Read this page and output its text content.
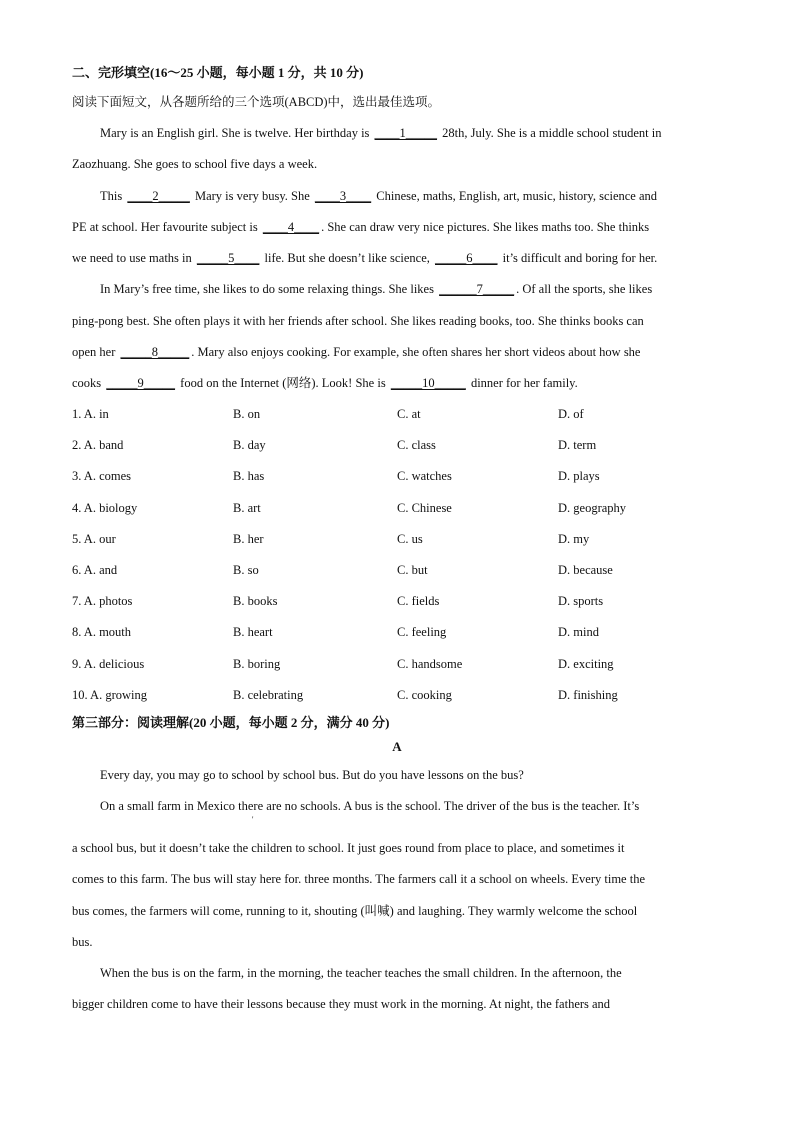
二、完形填空(16～25 小题，每小题 1 分，共 10 分)
阅读下面短文，从各题所给的三个选项(ABCD)中，选出最佳选项。
Mary is an English girl. She is twelve. Her birthday is ____1_____ 28th, July. She is a middle school student in
Zaozhuang. She goes to school five days a week.
This ____2_____ Mary is very busy. She ____3____ Chinese, maths, English, art, music, history, science and
PE at school. Her favourite subject is ____4____ . She can draw very nice pictures. She likes maths too. She thinks
we need to use maths in _____5____ life. But she doesn’t like science, _____6____ it’s difficult and boring for her.
In Mary’s free time, she likes to do some relaxing things. She likes ______7_____ . Of all the sports, she likes
ping-pong best. She often plays it with her friends after school. She likes reading books, too. She thinks books can
open her _____8_____ . Mary also enjoys cooking. For example, she often shares her short videos about how she
cooks _____9_____ food on the Internet (网络). Look! She is _____10_____ dinner for her family.
1. A. in	B. on	C. at	D. of
2. A. band	B. day	C. class	D. term
3. A. comes	B. has	C. watches	D. plays
4. A. biology	B. art	C. Chinese	D. geography
5. A. our	B. her	C. us	D. my
6. A. and	B. so	C. but	D. because
7. A. photos	B. books	C. fields	D. sports
8. A. mouth	B. heart	C. feeling	D. mind
9. A. delicious	B. boring	C. handsome	D. exciting
10. A. growing	B. celebrating	C. cooking	D. finishing
第三部分：阅读理解(20 小题，每小题 2 分，满分 40 分)
A
Every day, you may go to school by school bus. But do you have lessons on the bus?
On a small farm in Mexico there are no schools. A bus is the school. The driver of the bus is the teacher. It’s
'
a school bus, but it doesn’t take the children to school. It just goes round from place to place, and sometimes it
comes to this farm. The bus will stay here for. three months. The farmers call it a school on wheels. Every time the
bus comes, the farmers will come, running to it, shouting (叫喊) and laughing. They warmly welcome the school
bus.
When the bus is on the farm, in the morning, the teacher teaches the small children. In the afternoon, the
bigger children come to have their lessons because they must work in the morning. At night, the fathers and
